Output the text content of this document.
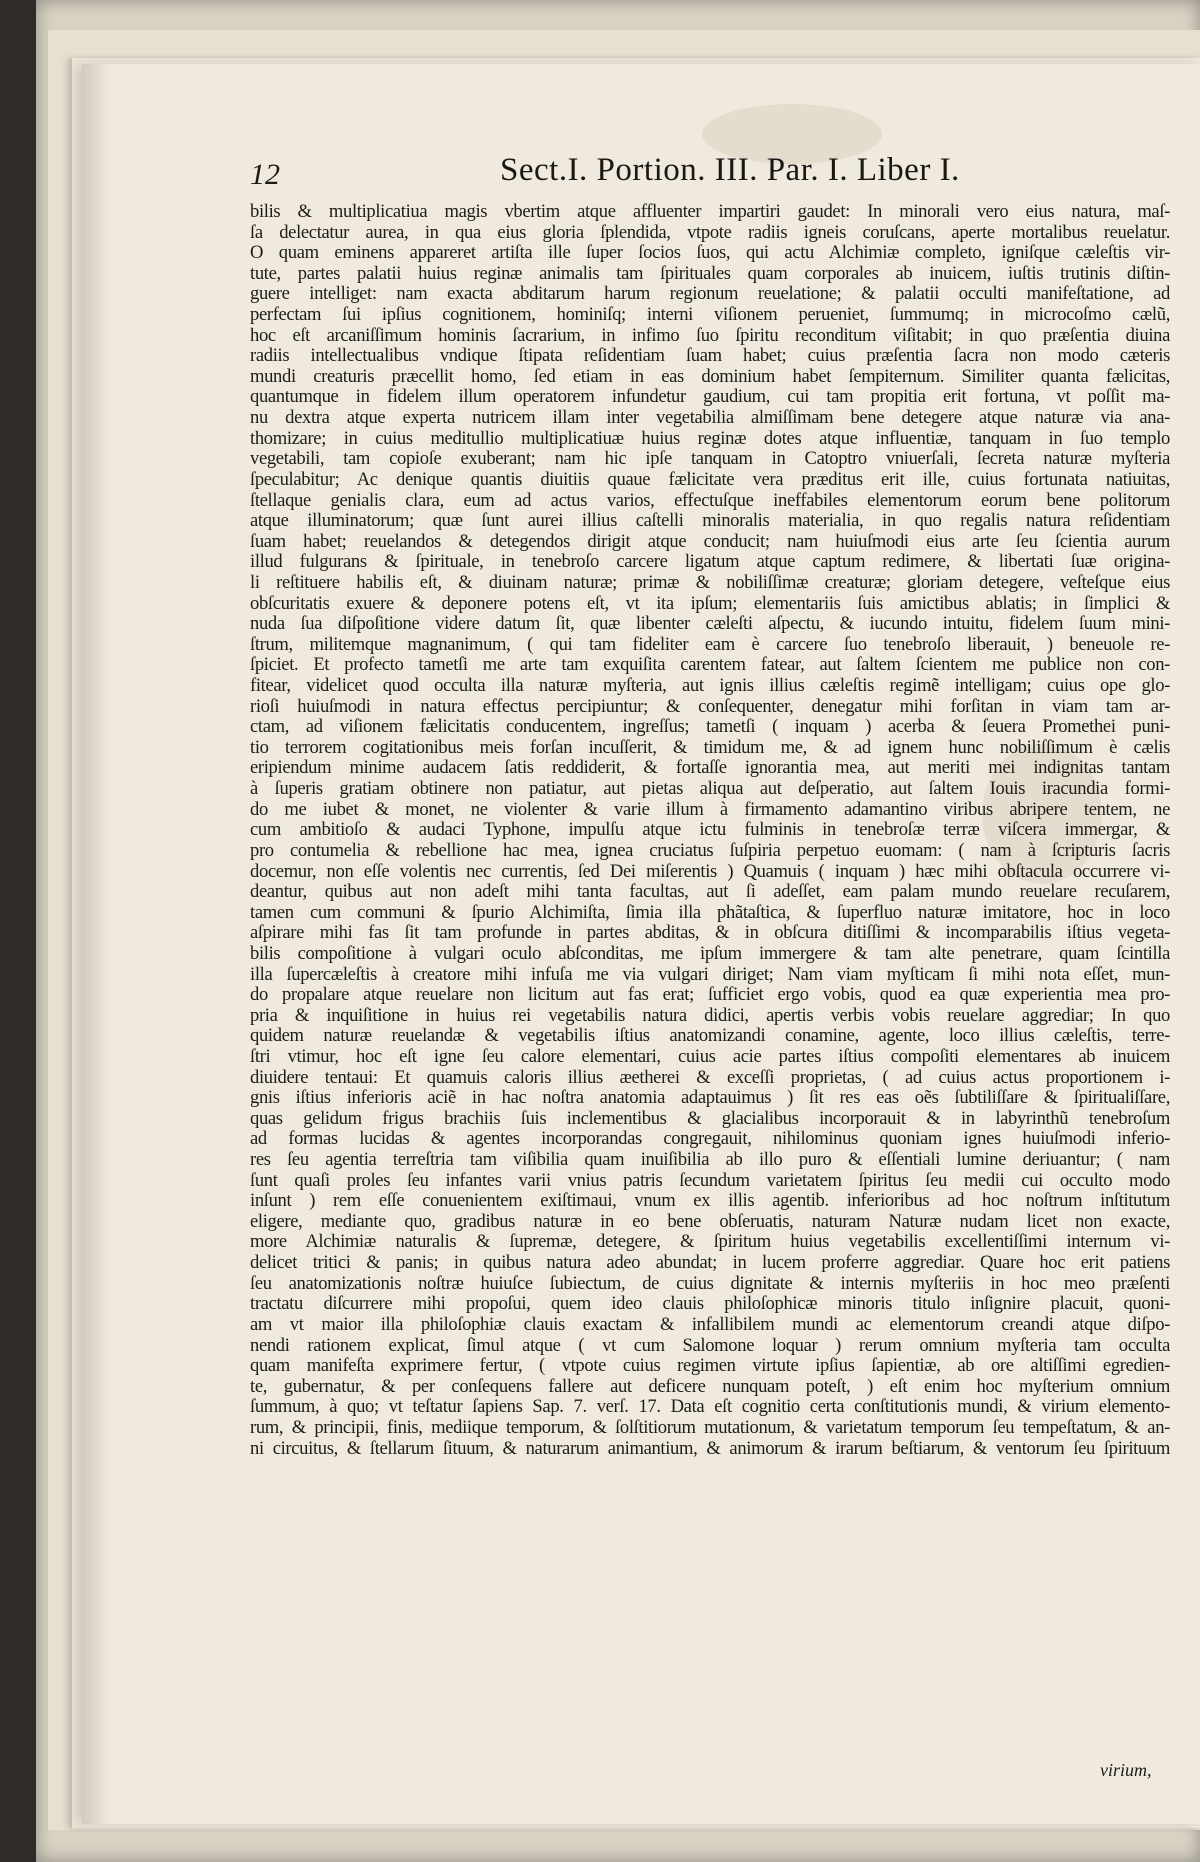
12	Sect.I. Portion. III. Par. I. Liber I.
bilis & multiplicatiua magis vbertim atque affluenter impartiri gaudet: In minorali vero eius natura, maſ-
ſa delectatur aurea, in qua eius gloria ſplendida, vtpote radiis igneis coruſcans, aperte mortalibus reuelatur.
O quam eminens appareret artiſta ille ſuper ſocios ſuos, qui actu Alchimiæ completo, igniſque cæleſtis vir-
tute, partes palatii huius reginæ animalis tam ſpirituales quam corporales ab inuicem, iuſtis trutinis diſtin-
guere intelliget: nam exacta abditarum harum regionum reuelatione; & palatii occulti manifeſtatione, ad
perfectam ſui ipſius cognitionem, hominiſq; interni viſionem perueniet, ſummumq; in microcoſmo cælũ,
hoc eſt arcaniſſimum hominis ſacrarium, in infimo ſuo ſpiritu reconditum viſitabit; in quo præſentia diuina
radiis intellectualibus vndique ſtipata reſidentiam ſuam habet; cuius præſentia ſacra non modo cæteris
mundi creaturis præcellit homo, ſed etiam in eas dominium habet ſempiternum. Similiter quanta fælicitas,
quantumque in fidelem illum operatorem infundetur gaudium, cui tam propitia erit fortuna, vt poſſit ma-
nu dextra atque experta nutricem illam inter vegetabilia almiſſimam bene detegere atque naturæ via ana-
thomizare; in cuius meditullio multiplicatiuæ huius reginæ dotes atque influentiæ, tanquam in ſuo templo
vegetabili, tam copioſe exuberant; nam hic ipſe tanquam in Catoptro vniuerſali, ſecreta naturæ myſteria
ſpeculabitur; Ac denique quantis diuitiis quaue fælicitate vera præditus erit ille, cuius fortunata natiuitas,
ſtellaque genialis clara, eum ad actus varios, effectuſque ineffabiles elementorum eorum bene politorum
atque illuminatorum; quæ ſunt aurei illius caſtelli minoralis materialia, in quo regalis natura reſidentiam
ſuam habet; reuelandos & detegendos dirigit atque conducit; nam huiuſmodi eius arte ſeu ſcientia aurum
illud fulgurans & ſpirituale, in tenebroſo carcere ligatum atque captum redimere, & libertati ſuæ origina-
li reſtituere habilis eſt, & diuinam naturæ; primæ & nobiliſſimæ creaturæ; gloriam detegere, veſteſque eius
obſcuritatis exuere & deponere potens eſt, vt ita ipſum; elementariis ſuis amictibus ablatis; in ſimplici &
nuda ſua diſpoſitione videre datum ſit, quæ libenter cæleſti aſpectu, & iucundo intuitu, fidelem ſuum mini-
ſtrum, militemque magnanimum, ( qui tam fideliter eam è carcere ſuo tenebroſo liberauit, ) beneuole re-
ſpiciet. Et profecto tametſi me arte tam exquiſita carentem fatear, aut ſaltem ſcientem me publice non con-
fitear, videlicet quod occulta illa naturæ myſteria, aut ignis illius cæleſtis regimẽ intelligam; cuius ope glo-
rioſi huiuſmodi in natura effectus percipiuntur; & conſequenter, denegatur mihi forſitan in viam tam ar-
ctam, ad viſionem fælicitatis conducentem, ingreſſus; tametſi ( inquam ) acerba & ſeuera Promethei puni-
tio terrorem cogitationibus meis forſan incuſſerit, & timidum me, & ad ignem hunc nobiliſſimum è cælis
eripiendum minime audacem ſatis reddiderit, & fortaſſe ignorantia mea, aut meriti mei indignitas tantam
à ſuperis gratiam obtinere non patiatur, aut pietas aliqua aut deſperatio, aut ſaltem Iouis iracundia formi-
do me iubet & monet, ne violenter & varie illum à firmamento adamantino viribus abripere tentem, ne
cum ambitioſo & audaci Typhone, impulſu atque ictu fulminis in tenebroſæ terræ viſcera immergar, &
pro contumelia & rebellione hac mea, ignea cruciatus ſuſpiria perpetuo euomam: ( nam à ſcripturis ſacris
docemur, non eſſe volentis nec currentis, ſed Dei miſerentis ) Quamuis ( inquam ) hæc mihi obſtacula occurrere vi-
deantur, quibus aut non adeſt mihi tanta facultas, aut ſi adeſſet, eam palam mundo reuelare recuſarem,
tamen cum communi & ſpurio Alchimiſta, ſimia illa phãtaſtica, & ſuperfluo naturæ imitatore, hoc in loco
aſpirare mihi fas ſit tam profunde in partes abditas, & in obſcura ditiſſimi & incomparabilis iſtius vegeta-
bilis compoſitione à vulgari oculo abſconditas, me ipſum immergere & tam alte penetrare, quam ſcintilla
illa ſupercæleſtis à creatore mihi infuſa me via vulgari diriget; Nam viam myſticam ſi mihi nota eſſet, mun-
do propalare atque reuelare non licitum aut fas erat; ſufficiet ergo vobis, quod ea quæ experientia mea pro-
pria & inquiſitione in huius rei vegetabilis natura didici, apertis verbis vobis reuelare aggrediar; In quo
quidem naturæ reuelandæ & vegetabilis iſtius anatomizandi conamine, agente, loco illius cæleſtis, terre-
ſtri vtimur, hoc eſt igne ſeu calore elementari, cuius acie partes iſtius compoſiti elementares ab inuicem
diuidere tentaui: Et quamuis caloris illius æetherei & exceſſi proprietas, ( ad cuius actus proportionem i-
gnis iſtius inferioris aciẽ in hac noſtra anatomia adaptauimus ) ſit res eas oẽs ſubtiliſſare & ſpiritualiſſare,
quas gelidum frigus brachiis ſuis inclementibus & glacialibus incorporauit & in labyrinthũ tenebroſum
ad formas lucidas & agentes incorporandas congregauit, nihilominus quoniam ignes huiuſmodi inferio-
res ſeu agentia terreſtria tam viſibilia quam inuiſibilia ab illo puro & eſſentiali lumine deriuantur; ( nam
ſunt quaſi proles ſeu infantes varii vnius patris ſecundum varietatem ſpiritus ſeu medii cui occulto modo
inſunt ) rem eſſe conuenientem exiſtimaui, vnum ex illis agentib. inferioribus ad hoc noſtrum inſtitutum
eligere, mediante quo, gradibus naturæ in eo bene obſeruatis, naturam Naturæ nudam licet non exacte,
more Alchimiæ naturalis & ſupremæ, detegere, & ſpiritum huius vegetabilis excellentiſſimi internum vi-
delicet tritici & panis; in quibus natura adeo abundat; in lucem proferre aggrediar. Quare hoc erit patiens
ſeu anatomizationis noſtræ huiuſce ſubiectum, de cuius dignitate & internis myſteriis in hoc meo præſenti
tractatu diſcurrere mihi propoſui, quem ideo clauis philoſophicæ minoris titulo inſignire placuit, quoni-
am vt maior illa philoſophiæ clauis exactam & infallibilem mundi ac elementorum creandi atque diſpo-
nendi rationem explicat, ſimul atque ( vt cum Salomone loquar ) rerum omnium myſteria tam occulta
quam manifeſta exprimere fertur, ( vtpote cuius regimen virtute ipſius ſapientiæ, ab ore altiſſimi egredien-
te, gubernatur, & per conſequens fallere aut deficere nunquam poteſt, ) eſt enim hoc myſterium omnium
ſummum, à quo; vt teſtatur ſapiens Sap. 7. verſ. 17. Data eſt cognitio certa conſtitutionis mundi, & virium elemento-
rum, & principii, finis, mediique temporum, & ſolſtitiorum mutationum, & varietatum temporum ſeu tempeſtatum, & an-
ni circuitus, & ſtellarum ſituum, & naturarum animantium, & animorum & irarum beſtiarum, & ventorum ſeu ſpirituum
virium,
